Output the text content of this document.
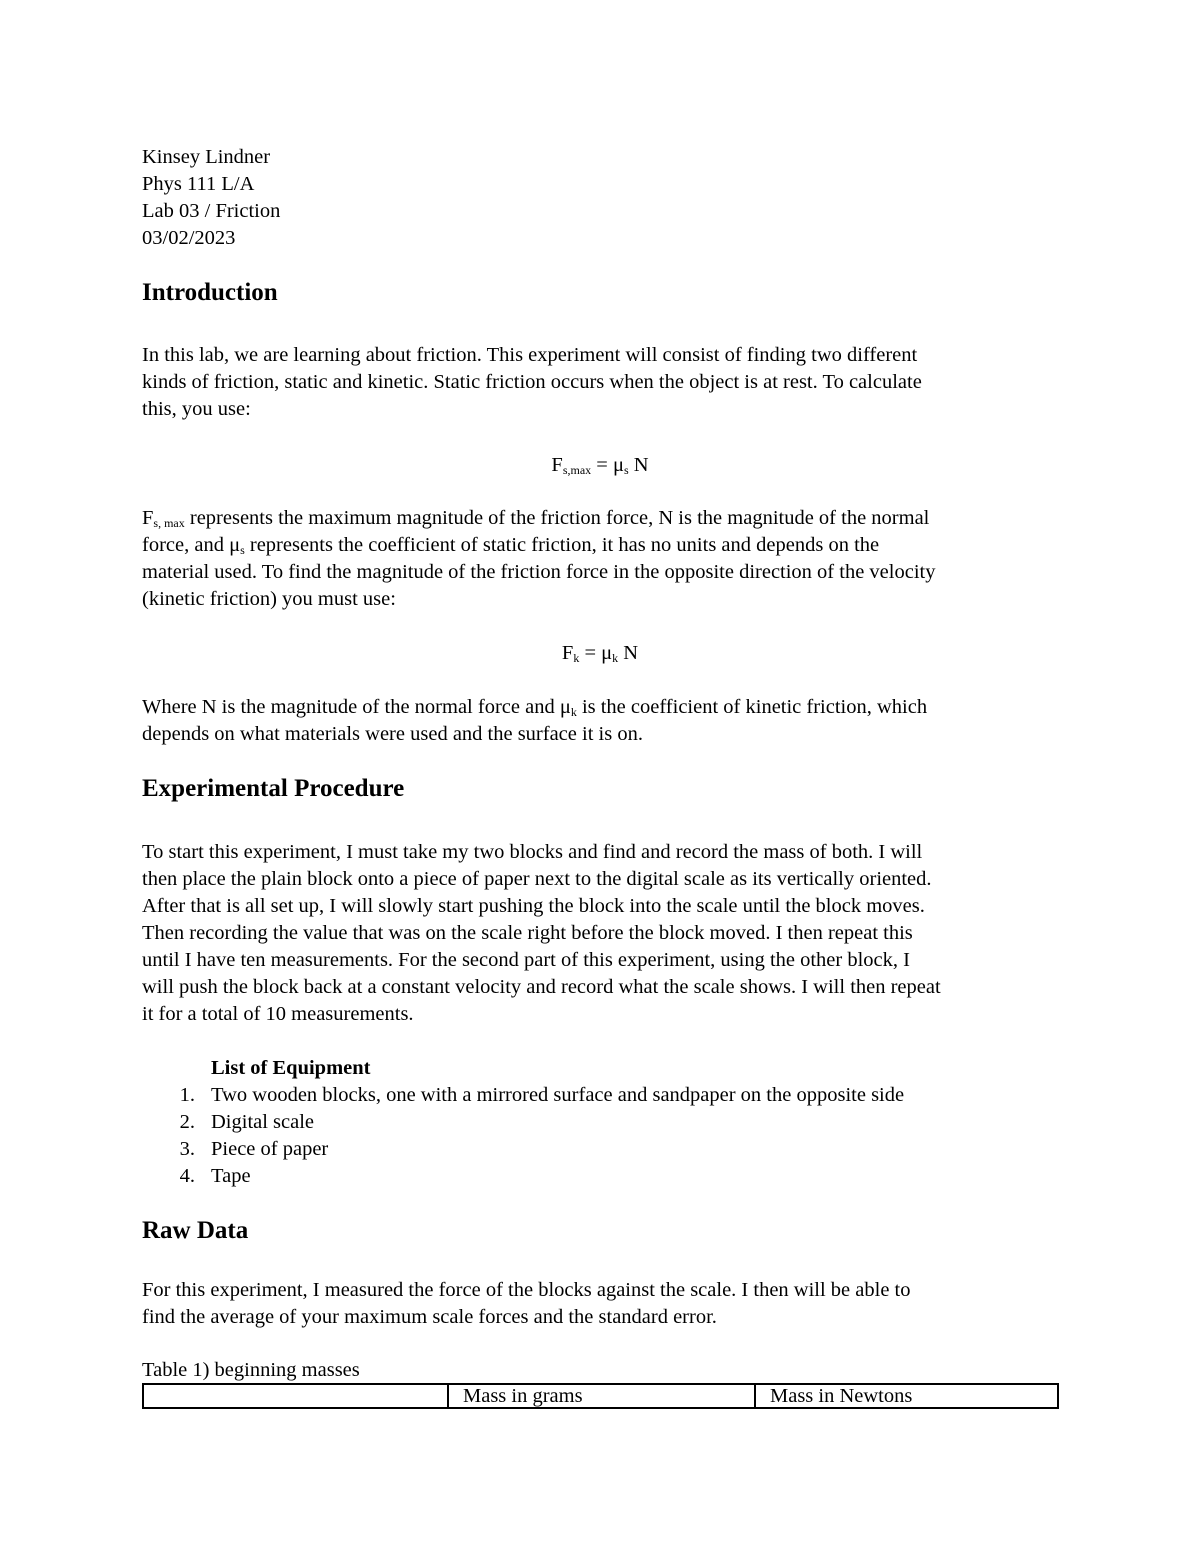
Kinsey Lindner
Phys 111 L/A
Lab 03 / Friction
03/02/2023
Introduction
In this lab, we are learning about friction. This experiment will consist of finding two different
kinds of friction, static and kinetic. Static friction occurs when the object is at rest. To calculate
this, you use:
$F_{s,max} = \mu_s$ N
$F_{s, max}$ represents the maximum magnitude of the friction force, N is the magnitude of the normal
force, and $\mu_s$ represents the coefficient of static friction, it has no units and depends on the
material used. To find the magnitude of the friction force in the opposite direction of the velocity
(kinetic friction) you must use:
$F_k = \mu_k$ N
Where N is the magnitude of the normal force and $\mu_k$ is the coefficient of kinetic friction, which
depends on what materials were used and the surface it is on.
Experimental Procedure
To start this experiment, I must take my two blocks and find and record the mass of both. I will
then place the plain block onto a piece of paper next to the digital scale as its vertically oriented.
After that is all set up, I will slowly start pushing the block into the scale until the block moves.
Then recording the value that was on the scale right before the block moved. I then repeat this
until I have ten measurements. For the second part of this experiment, using the other block, I
will push the block back at a constant velocity and record what the scale shows. I will then repeat
it for a total of 10 measurements.
List of Equipment
1. Two wooden blocks, one with a mirrored surface and sandpaper on the opposite side
2. Digital scale
3. Piece of paper
4. Tape
Raw Data
For this experiment, I measured the force of the blocks against the scale. I then will be able to
find the average of your maximum scale forces and the standard error.
Table 1) beginning masses
	Mass in grams	Mass in Newtons
